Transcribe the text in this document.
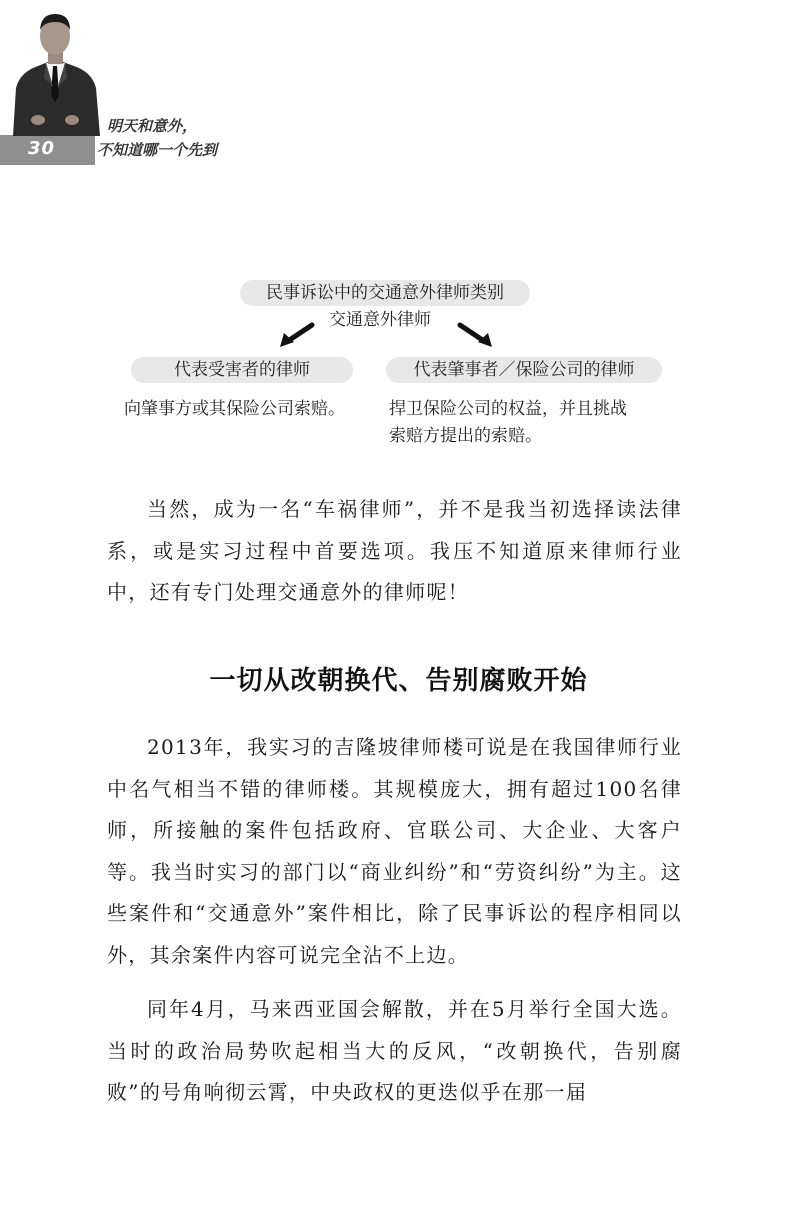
30
明天和意外，
不知道哪一个先到
民事诉讼中的交通意外律师类别
交通意外律师
代表受害者的律师	代表肇事者／保险公司的律师
向肇事方或其保险公司索赔。	捍卫保险公司的权益，并且挑战
索赔方提出的索赔。

当然，成为一名“车祸律师”，并不是我当初选择读法律系，或是实习过程中首要选项。我压不知道原来律师行业中，还有专门处理交通意外的律师呢！

一切从改朝换代、告别腐败开始

2013年，我实习的吉隆坡律师楼可说是在我国律师行业中名气相当不错的律师楼。其规模庞大，拥有超过100名律师，所接触的案件包括政府、官联公司、大企业、大客户等。我当时实习的部门以“商业纠纷”和“劳资纠纷”为主。这些案件和“交通意外”案件相比，除了民事诉讼的程序相同以外，其余案件内容可说完全沾不上边。

同年4月，马来西亚国会解散，并在5月举行全国大选。当时的政治局势吹起相当大的反风，“改朝换代，告别腐败”的号角响彻云霄，中央政权的更迭似乎在那一届
